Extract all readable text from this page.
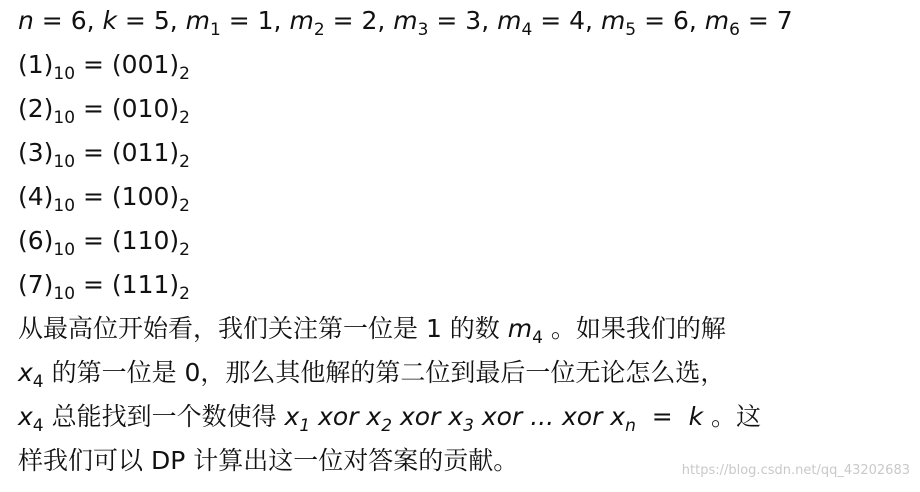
n = 6, k = 5, $m_1 = 1$, $m_2 = 2$, $m_3 = 3$, $m_4 = 4$, $m_5 = 6$, $m_6 = 7$
$(1)_{10} = (001)_2$
$(2)_{10} = (010)_2$
$(3)_{10} = (011)_2$
$(4)_{10} = (100)_2$
$(6)_{10} = (110)_2$
$(7)_{10} = (111)_2$
从最高位开始看，我们关注第一位是 1 的数 $m_4$ 。如果我们的解
$x_4$ 的第一位是 0，那么其他解的第二位到最后一位无论怎么选，
$x_4$ 总能找到一个数使得 $x_1$ xor $x_2$ xor $x_3$ xor ... xor $x_n = k$ 。这
样我们可以 DP 计算出这一位对答案的贡献。	https://blog.csdn.net/qq_43202683
